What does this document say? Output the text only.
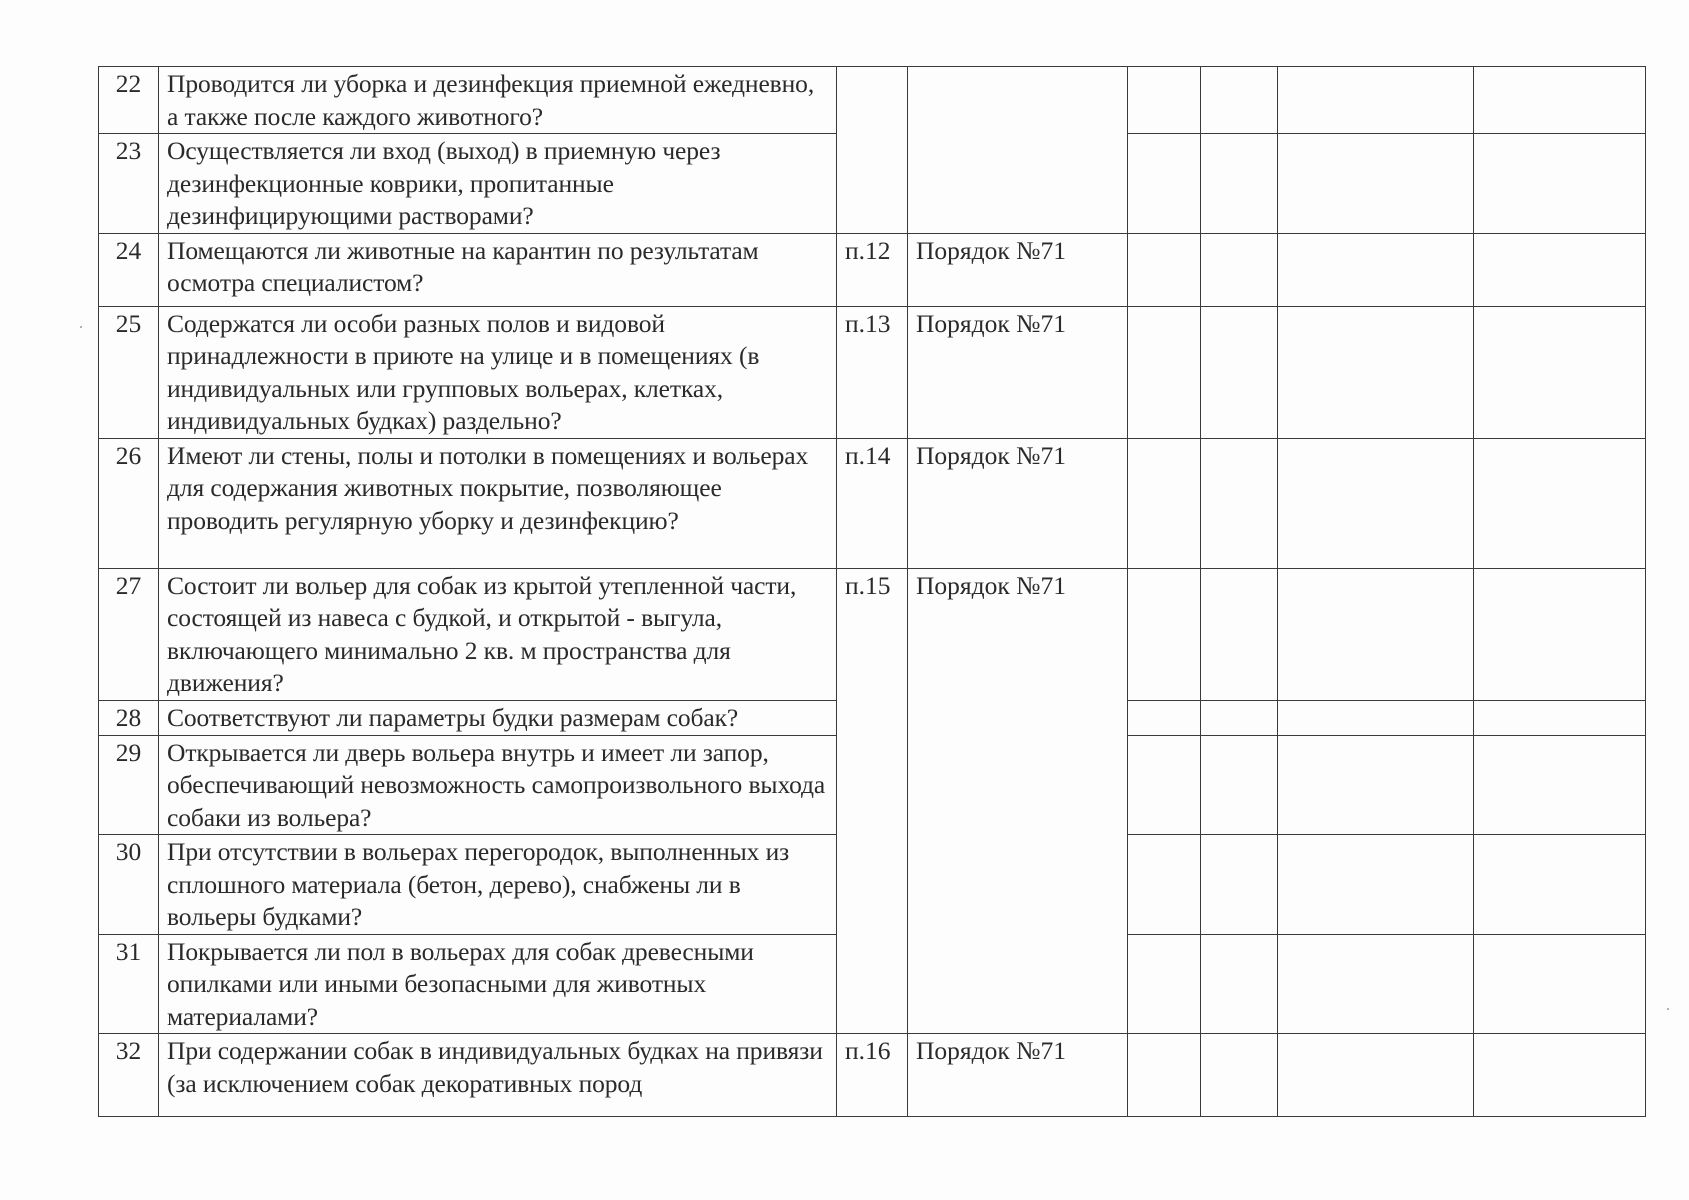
22	Проводится ли уборка и дезинфекция приемной ежедневно, а также после каждого животного?						
23	Осуществляется ли вход (выход) в приемную через дезинфекционные коврики, пропитанные дезинфицирующими растворами?						
24	Помещаются ли животные на карантин по результатам осмотра специалистом?	п.12	Порядок №71				
25	Содержатся ли особи разных полов и видовой принадлежности в приюте на улице и в помещениях (в индивидуальных или групповых вольерах, клетках, индивидуальных будках) раздельно?	п.13	Порядок №71				
26	Имеют ли стены, полы и потолки в помещениях и вольерах для содержания животных покрытие, позволяющее проводить регулярную уборку и дезинфекцию?	п.14	Порядок №71				
27	Состоит ли вольер для собак из крытой утепленной части, состоящей из навеса с будкой, и открытой - выгула, включающего минимально 2 кв. м пространства для движения?	п.15	Порядок №71				
28	Соответствуют ли параметры будки размерам собак?						
29	Открывается ли дверь вольера внутрь и имеет ли запор, обеспечивающий невозможность самопроизвольного выхода собаки из вольера?						
30	При отсутствии в вольерах перегородок, выполненных из сплошного материала (бетон, дерево), снабжены ли в вольеры будками?						
31	Покрывается ли пол в вольерах для собак древесными опилками или иными безопасными для животных материалами?						
32	При содержании собак в индивидуальных будках на привязи (за исключением собак декоративных пород	п.16	Порядок №71				
